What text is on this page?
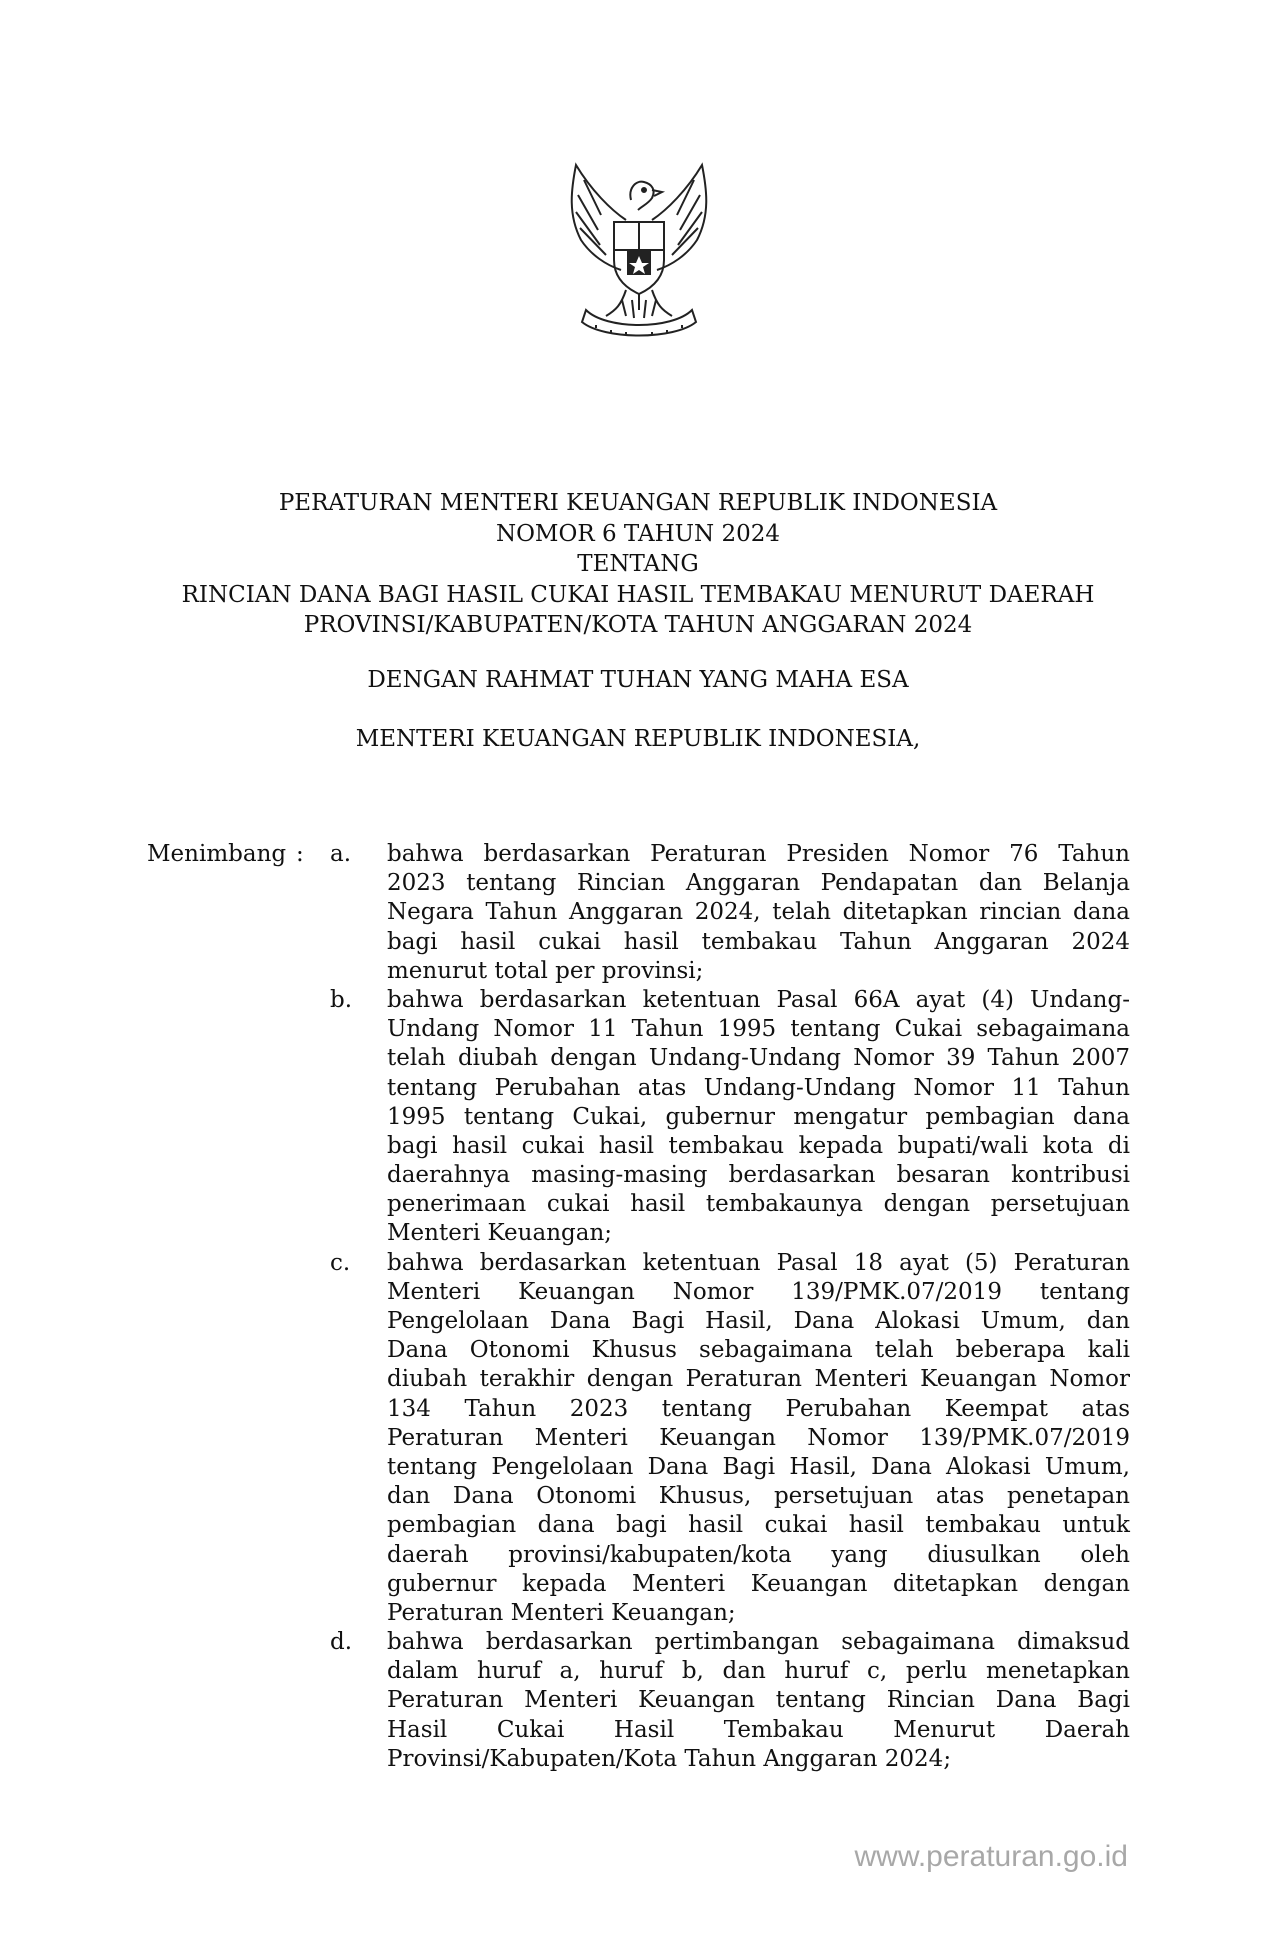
PERATURAN MENTERI KEUANGAN REPUBLIK INDONESIA
NOMOR 6 TAHUN 2024
TENTANG
RINCIAN DANA BAGI HASIL CUKAI HASIL TEMBAKAU MENURUT DAERAH
PROVINSI/KABUPATEN/KOTA TAHUN ANGGARAN 2024
DENGAN RAHMAT TUHAN YANG MAHA ESA
MENTERI KEUANGAN REPUBLIK INDONESIA,
Menimbang : a. bahwa berdasarkan Peraturan Presiden Nomor 76 Tahun
2023 tentang Rincian Anggaran Pendapatan dan Belanja
Negara Tahun Anggaran 2024, telah ditetapkan rincian dana
bagi hasil cukai hasil tembakau Tahun Anggaran 2024
menurut total per provinsi;
b. bahwa berdasarkan ketentuan Pasal 66A ayat (4) Undang-
Undang Nomor 11 Tahun 1995 tentang Cukai sebagaimana
telah diubah dengan Undang-Undang Nomor 39 Tahun 2007
tentang Perubahan atas Undang-Undang Nomor 11 Tahun
1995 tentang Cukai, gubernur mengatur pembagian dana
bagi hasil cukai hasil tembakau kepada bupati/wali kota di
daerahnya masing-masing berdasarkan besaran kontribusi
penerimaan cukai hasil tembakaunya dengan persetujuan
Menteri Keuangan;
c. bahwa berdasarkan ketentuan Pasal 18 ayat (5) Peraturan
Menteri Keuangan Nomor 139/PMK.07/2019 tentang
Pengelolaan Dana Bagi Hasil, Dana Alokasi Umum, dan
Dana Otonomi Khusus sebagaimana telah beberapa kali
diubah terakhir dengan Peraturan Menteri Keuangan Nomor
134 Tahun 2023 tentang Perubahan Keempat atas
Peraturan Menteri Keuangan Nomor 139/PMK.07/2019
tentang Pengelolaan Dana Bagi Hasil, Dana Alokasi Umum,
dan Dana Otonomi Khusus, persetujuan atas penetapan
pembagian dana bagi hasil cukai hasil tembakau untuk
daerah provinsi/kabupaten/kota yang diusulkan oleh
gubernur kepada Menteri Keuangan ditetapkan dengan
Peraturan Menteri Keuangan;
d. bahwa berdasarkan pertimbangan sebagaimana dimaksud
dalam huruf a, huruf b, dan huruf c, perlu menetapkan
Peraturan Menteri Keuangan tentang Rincian Dana Bagi
Hasil Cukai Hasil Tembakau Menurut Daerah
Provinsi/Kabupaten/Kota Tahun Anggaran 2024;
www.peraturan.go.id
